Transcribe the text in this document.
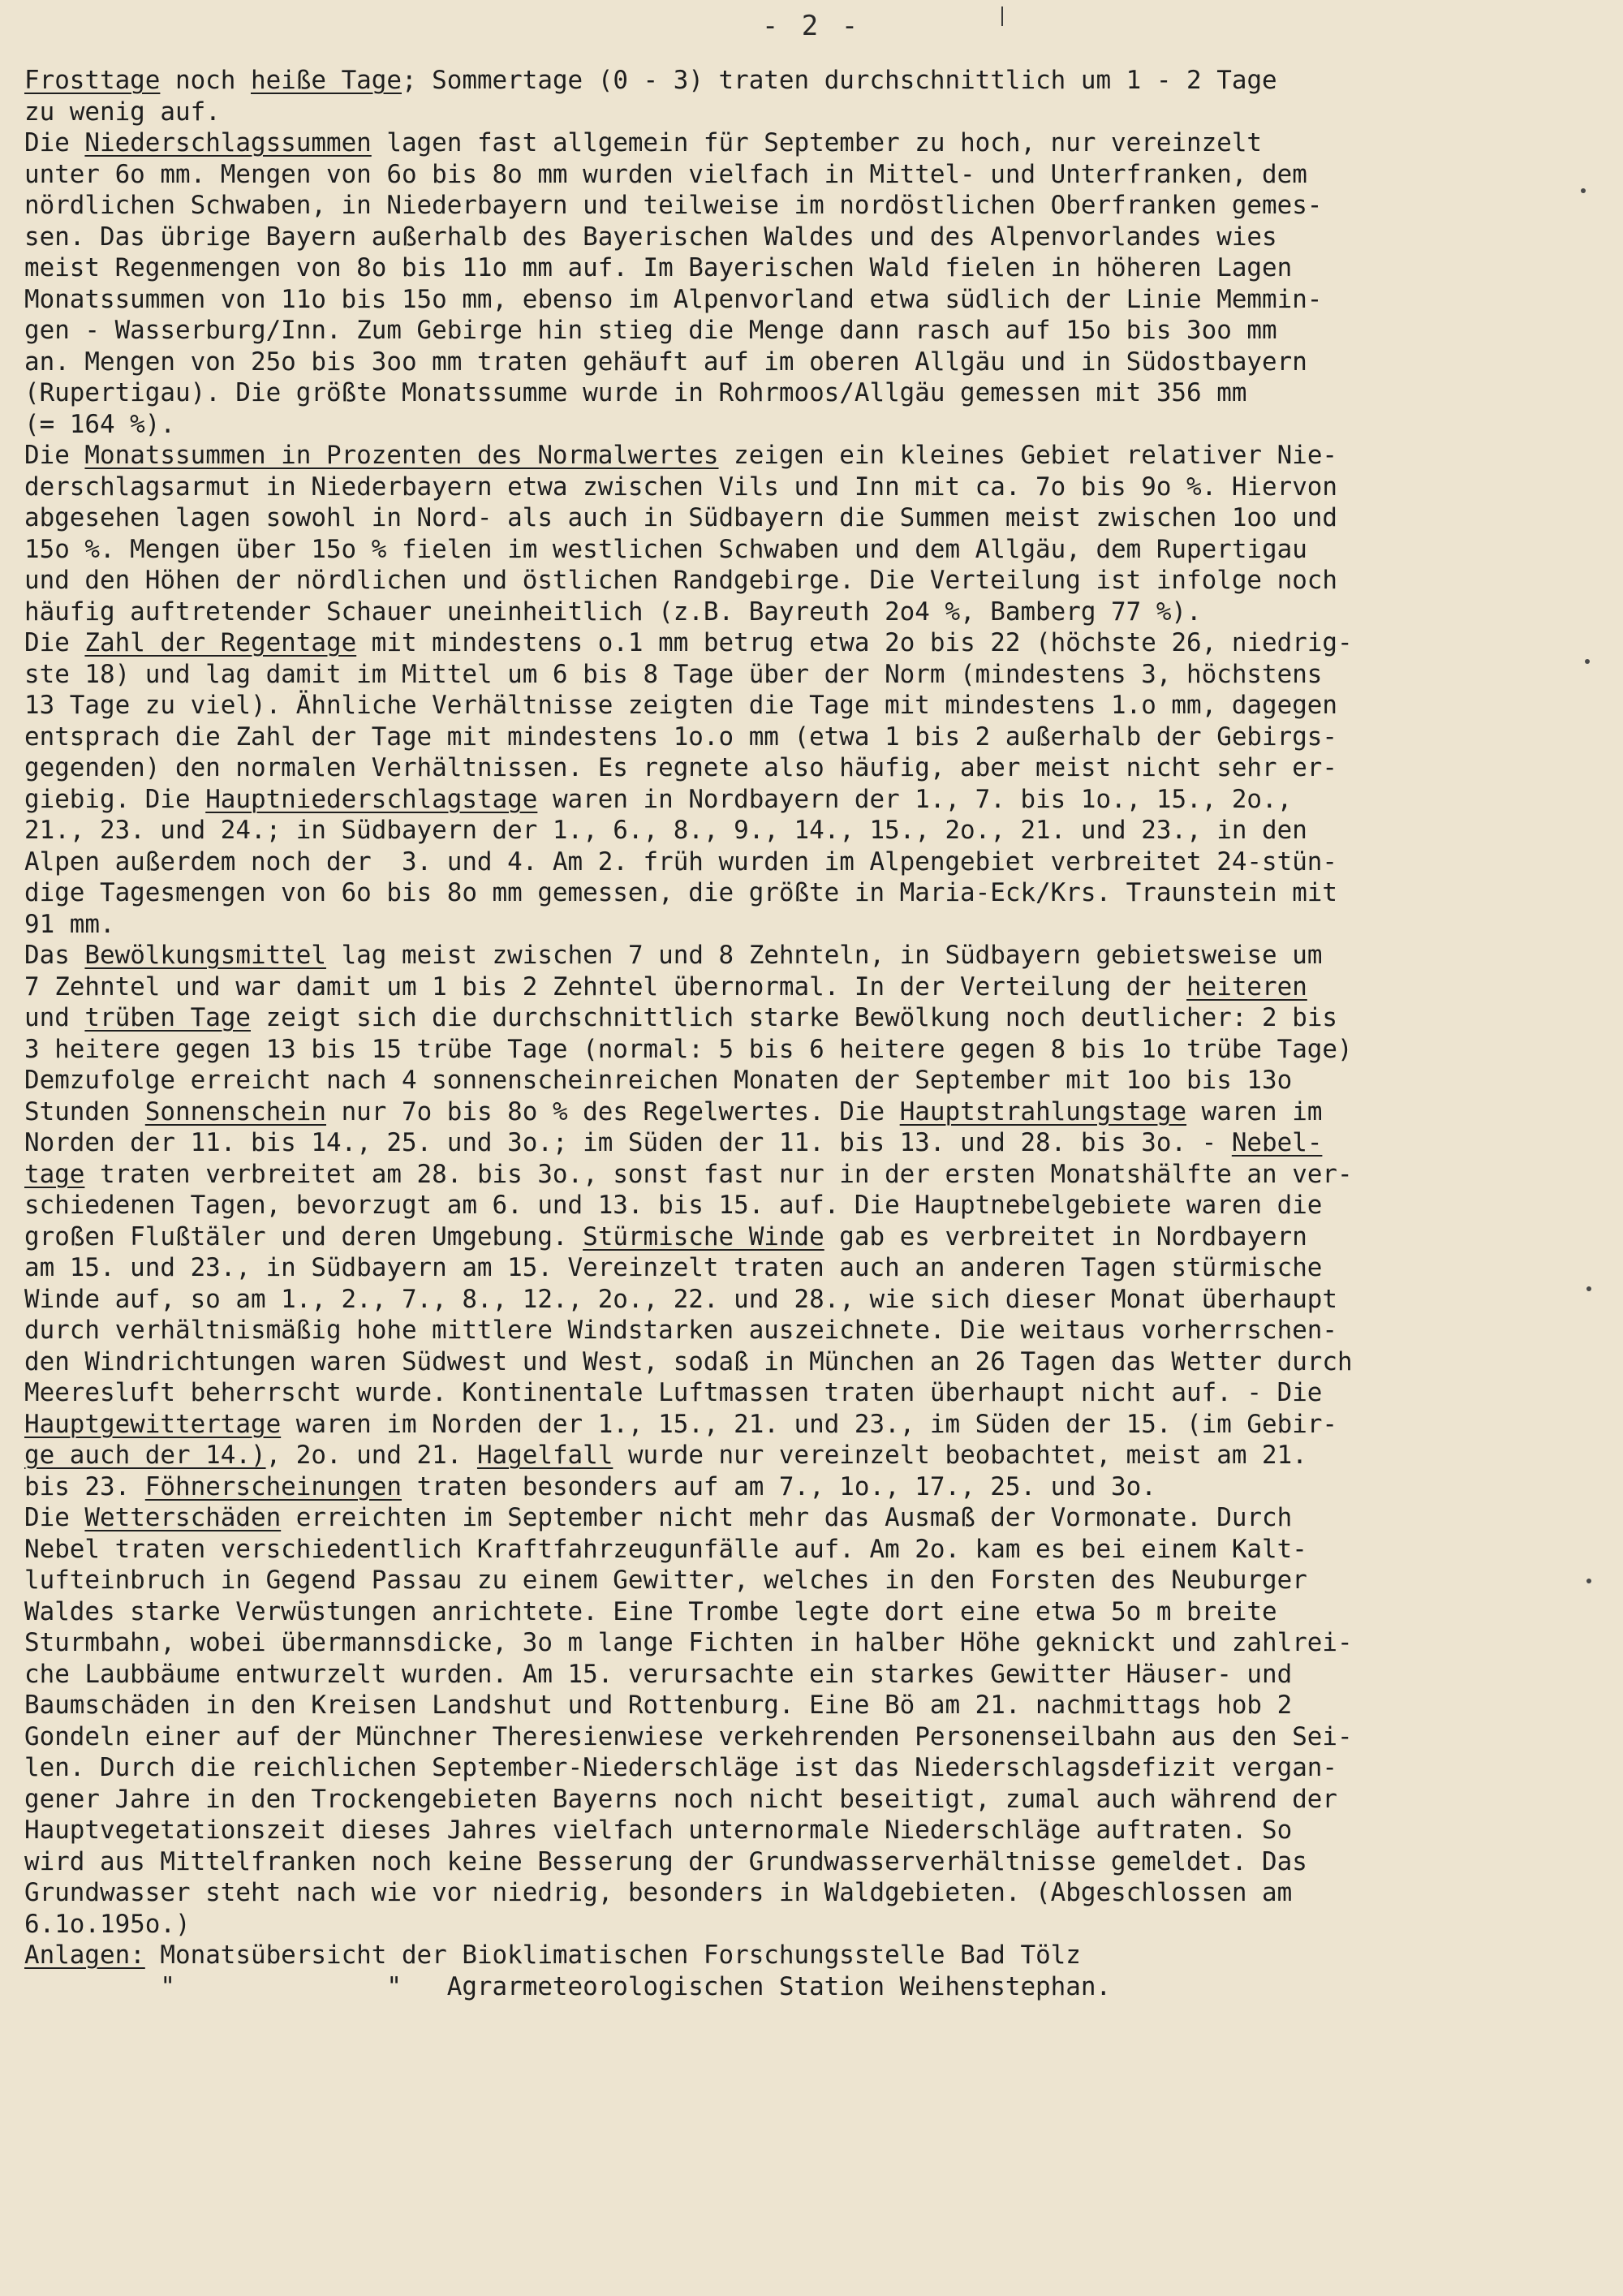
- 2 -
Frosttage noch heiße Tage; Sommertage (0 - 3) traten durchschnittlich um 1 - 2 Tage
zu wenig auf.
Die Niederschlagssummen lagen fast allgemein für September zu hoch, nur vereinzelt
unter 6o mm. Mengen von 6o bis 8o mm wurden vielfach in Mittel- und Unterfranken, dem
nördlichen Schwaben, in Niederbayern und teilweise im nordöstlichen Oberfranken gemes-
sen. Das übrige Bayern außerhalb des Bayerischen Waldes und des Alpenvorlandes wies
meist Regenmengen von 8o bis 11o mm auf. Im Bayerischen Wald fielen in höheren Lagen
Monatssummen von 11o bis 15o mm, ebenso im Alpenvorland etwa südlich der Linie Memmin-
gen - Wasserburg/Inn. Zum Gebirge hin stieg die Menge dann rasch auf 15o bis 3oo mm
an. Mengen von 25o bis 3oo mm traten gehäuft auf im oberen Allgäu und in Südostbayern
(Rupertigau). Die größte Monatssumme wurde in Rohrmoos/Allgäu gemessen mit 356 mm
(= 164 %).
Die Monatssummen in Prozenten des Normalwertes zeigen ein kleines Gebiet relativer Nie-
derschlagsarmut in Niederbayern etwa zwischen Vils und Inn mit ca. 7o bis 9o %. Hiervon
abgesehen lagen sowohl in Nord- als auch in Südbayern die Summen meist zwischen 1oo und
15o %. Mengen über 15o % fielen im westlichen Schwaben und dem Allgäu, dem Rupertigau
und den Höhen der nördlichen und östlichen Randgebirge. Die Verteilung ist infolge noch
häufig auftretender Schauer uneinheitlich (z.B. Bayreuth 2o4 %, Bamberg 77 %).
Die Zahl der Regentage mit mindestens o.1 mm betrug etwa 2o bis 22 (höchste 26, niedrig-
ste 18) und lag damit im Mittel um 6 bis 8 Tage über der Norm (mindestens 3, höchstens
13 Tage zu viel). Ähnliche Verhältnisse zeigten die Tage mit mindestens 1.o mm, dagegen
entsprach die Zahl der Tage mit mindestens 1o.o mm (etwa 1 bis 2 außerhalb der Gebirgs-
gegenden) den normalen Verhältnissen. Es regnete also häufig, aber meist nicht sehr er-
giebig. Die Hauptniederschlagstage waren in Nordbayern der 1., 7. bis 1o., 15., 2o.,
21., 23. und 24.; in Südbayern der 1., 6., 8., 9., 14., 15., 2o., 21. und 23., in den
Alpen außerdem noch der  3. und 4. Am 2. früh wurden im Alpengebiet verbreitet 24-stün-
dige Tagesmengen von 6o bis 8o mm gemessen, die größte in Maria-Eck/Krs. Traunstein mit
91 mm.
Das Bewölkungsmittel lag meist zwischen 7 und 8 Zehnteln, in Südbayern gebietsweise um
7 Zehntel und war damit um 1 bis 2 Zehntel übernormal. In der Verteilung der heiteren
und trüben Tage zeigt sich die durchschnittlich starke Bewölkung noch deutlicher: 2 bis
3 heitere gegen 13 bis 15 trübe Tage (normal: 5 bis 6 heitere gegen 8 bis 1o trübe Tage)
Demzufolge erreicht nach 4 sonnenscheinreichen Monaten der September mit 1oo bis 13o
Stunden Sonnenschein nur 7o bis 8o % des Regelwertes. Die Hauptstrahlungstage waren im
Norden der 11. bis 14., 25. und 3o.; im Süden der 11. bis 13. und 28. bis 3o. - Nebel-
tage traten verbreitet am 28. bis 3o., sonst fast nur in der ersten Monatshälfte an ver-
schiedenen Tagen, bevorzugt am 6. und 13. bis 15. auf. Die Hauptnebelgebiete waren die
großen Flußtäler und deren Umgebung. Stürmische Winde gab es verbreitet in Nordbayern
am 15. und 23., in Südbayern am 15. Vereinzelt traten auch an anderen Tagen stürmische
Winde auf, so am 1., 2., 7., 8., 12., 2o., 22. und 28., wie sich dieser Monat überhaupt
durch verhältnismäßig hohe mittlere Windstarken auszeichnete. Die weitaus vorherrschen-
den Windrichtungen waren Südwest und West, sodaß in München an 26 Tagen das Wetter durch
Meeresluft beherrscht wurde. Kontinentale Luftmassen traten überhaupt nicht auf. - Die
Hauptgewittertage waren im Norden der 1., 15., 21. und 23., im Süden der 15. (im Gebir-
ge auch der 14.), 2o. und 21. Hagelfall wurde nur vereinzelt beobachtet, meist am 21.
bis 23. Föhnerscheinungen traten besonders auf am 7., 1o., 17., 25. und 3o.
Die Wetterschäden erreichten im September nicht mehr das Ausmaß der Vormonate. Durch
Nebel traten verschiedentlich Kraftfahrzeugunfälle auf. Am 2o. kam es bei einem Kalt-
lufteinbruch in Gegend Passau zu einem Gewitter, welches in den Forsten des Neuburger
Waldes starke Verwüstungen anrichtete. Eine Trombe legte dort eine etwa 5o m breite
Sturmbahn, wobei übermannsdicke, 3o m lange Fichten in halber Höhe geknickt und zahlrei-
che Laubbäume entwurzelt wurden. Am 15. verursachte ein starkes Gewitter Häuser- und
Baumschäden in den Kreisen Landshut und Rottenburg. Eine Bö am 21. nachmittags hob 2
Gondeln einer auf der Münchner Theresienwiese verkehrenden Personenseilbahn aus den Sei-
len. Durch die reichlichen September-Niederschläge ist das Niederschlagsdefizit vergan-
gener Jahre in den Trockengebieten Bayerns noch nicht beseitigt, zumal auch während der
Hauptvegetationszeit dieses Jahres vielfach unternormale Niederschläge auftraten. So
wird aus Mittelfranken noch keine Besserung der Grundwasserverhältnisse gemeldet. Das
Grundwasser steht nach wie vor niedrig, besonders in Waldgebieten. (Abgeschlossen am
6.1o.195o.)
Anlagen: Monatsübersicht der Bioklimatischen Forschungsstelle Bad Tölz
"              "   Agrarmeteorologischen Station Weihenstephan.
